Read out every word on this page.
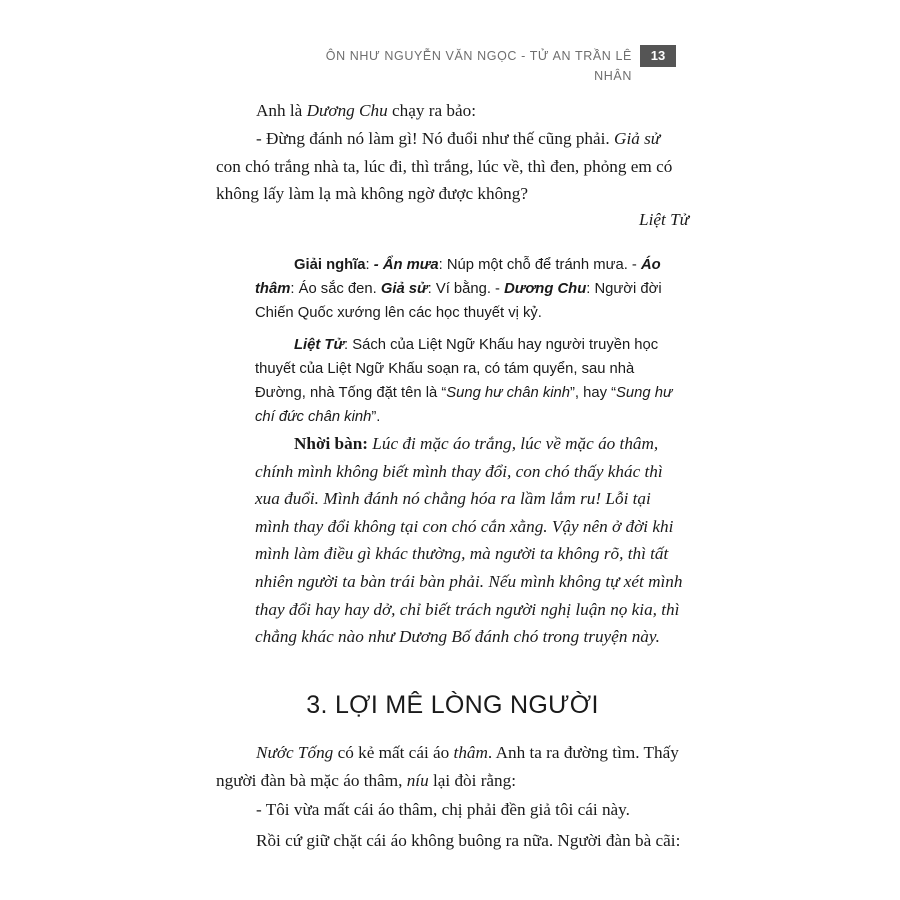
ÔN NHƯ NGUYỄN VĂN NGỌC - TỬ AN TRẦN LÊ NHÂN
13

Anh là Dương Chu chạy ra bảo:

- Đừng đánh nó làm gì! Nó đuổi như thế cũng phải. Giả sử con chó trắng nhà ta, lúc đi, thì trắng, lúc về, thì đen, phỏng em có không lấy làm lạ mà không ngờ được không?

Liệt Tử
Giải nghĩa: - Ẩn mưa: Núp một chỗ để tránh mưa. - Áo thâm: Áo sắc đen. Giả sử: Ví bằng. - Dương Chu: Người đời Chiến Quốc xướng lên các học thuyết vị kỷ.
Liệt Tử: Sách của Liệt Ngữ Khấu hay người truyền học thuyết của Liệt Ngữ Khấu soạn ra, có tám quyển, sau nhà Đường, nhà Tống đặt tên là “Sung hư chân kinh”, hay “Sung hư chí đức chân kinh”.
Nhời bàn: Lúc đi mặc áo trắng, lúc về mặc áo thâm, chính mình không biết mình thay đổi, con chó thấy khác thì xua đuổi. Mình đánh nó chẳng hóa ra lầm lắm ru! Lỗi tại mình thay đổi không tại con chó cắn xằng. Vậy nên ở đời khi mình làm điều gì khác thường, mà người ta không rõ, thì tất nhiên người ta bàn trái bàn phải. Nếu mình không tự xét mình thay đổi hay hay dở, chỉ biết trách người nghị luận nọ kia, thì chẳng khác nào như Dương Bố đánh chó trong truyện này.
3. LỢI MÊ LÒNG NGƯỜI

Nước Tống có kẻ mất cái áo thâm. Anh ta ra đường tìm. Thấy người đàn bà mặc áo thâm, níu lại đòi rằng:

- Tôi vừa mất cái áo thâm, chị phải đền giả tôi cái này.

Rồi cứ giữ chặt cái áo không buông ra nữa. Người đàn bà cãi:
